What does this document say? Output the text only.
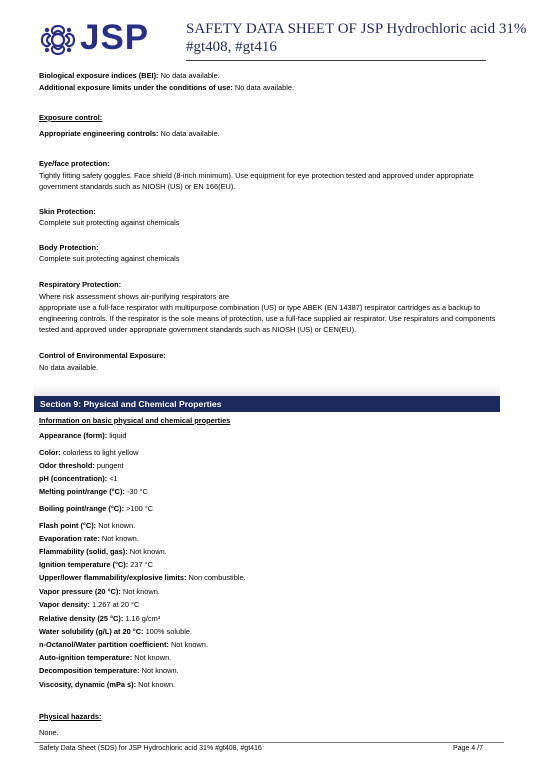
JSP SAFETY DATA SHEET OF JSP Hydrochloric acid 31%
#gt408, #gt416

Biological exposure indices (BEI): No data available.

Additional exposure limits under the conditions of use: No data available.

Exposure control:

Appropriate engineering controls: No data available.

Eye/face protection:

Tightly fitting safety goggles. Face shield (8-inch minimum). Use equipment for eye protection tested and approved under appropriate government standards such as NIOSH (US) or EN 166(EU).

Skin Protection:

Complete suit protecting against chemicals

Body Protection:

Complete suit protecting against chemicals

Respiratory Protection:

Where risk assessment shows air-purifying respirators are

appropriate use a full-face respirator with multipurpose combination (US) or type ABEK (EN 14387) respirator cartridges as a backup to engineering controls. If the respirator is the sole means of protection, use a full-face supplied air respirator. Use respirators and components tested and approved under appropriate government standards such as NIOSH (US) or CEN(EU).

Control of Environmental Exposure:

No data available.

Section 9: Physical and Chemical Properties

Information on basic physical and chemical properties

Appearance (form): liquid

Color: colorless to light yellow

Odor threshold: pungent

pH (concentration): <1

Melting point/range (°C): -30 °C

Boiling point/range (°C): >100 °C

Flash point (°C): Not known.

Evaporation rate: Not known.

Flammability (solid, gas): Not known.

Ignition temperature (°C): 237 °C

Upper/lower flammability/explosive limits: Non combustible.

Vapor pressure (20 °C): Not known.

Vapor density: 1.267 at 20 °C

Relative density (25 °C): 1.16 g/cm³

Water solubility (g/L) at 20 °C: 100% soluble.

n-Octanol/Water partition coefficient: Not known.

Auto-ignition temperature: Not known.

Decomposition temperature: Not known.

Viscosity, dynamic (mPa s): Not known.

Physical hazards:

None.

Safety Data Sheet (SDS) for JSP Hydrochloric acid 31% #gt408, #gt416	Page 4 /7
